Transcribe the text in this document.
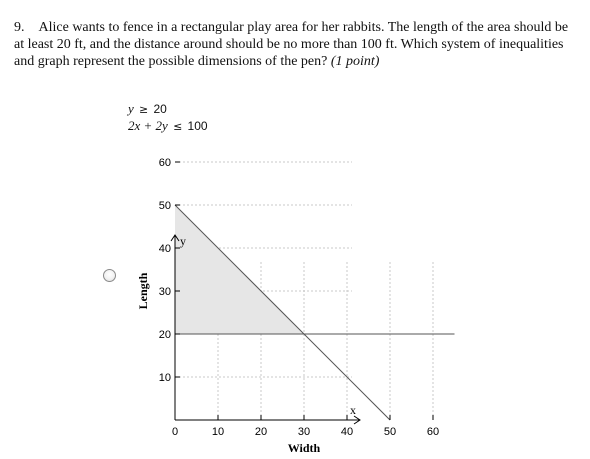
9. Alice wants to fence in a rectangular play area for her rabbits. The length of the area should be at least 20 ft, and the distance around should be no more than 100 ft. Which system of inequalities and graph represent the possible dimensions of the pen? (1 point)
y ≥ 20
2x + 2y ≤ 100
0	10	20	30	40	50	60
10
20
30
40
50
60
Width
Length
x
y
